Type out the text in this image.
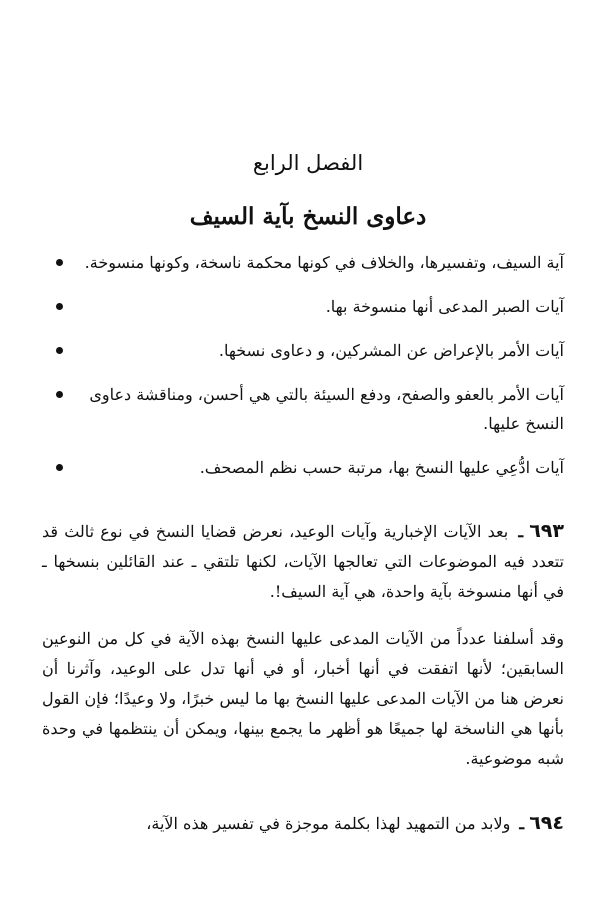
الفصل الرابع
دعاوى النسخ بآية السيف
آية السيف، وتفسيرها، والخلاف في كونها محكمة ناسخة، وكونها منسوخة.
آيات الصبر المدعى أنها منسوخة بها.
آيات الأمر بالإعراض عن المشركين، و دعاوى نسخها.
آيات الأمر بالعفو والصفح، ودفع السيئة بالتي هي أحسن، ومناقشة دعاوى النسخ عليها.
آيات ادُّعِي عليها النسخ بها، مرتبة حسب نظم المصحف.

٦٩٣ ـ بعد الآيات الإخبارية وآيات الوعيد، نعرض قضايا النسخ في نوع ثالث قد تتعدد فيه الموضوعات التي تعالجها الآيات، لكنها تلتقي ـ عند القائلين بنسخها ـ في أنها منسوخة بآية واحدة، هي آية السيف!.

وقد أسلفنا عدداً من الآيات المدعى عليها النسخ بهذه الآية في كل من النوعين السابقين؛ لأنها اتفقت في أنها أخبار، أو في أنها تدل على الوعيد، وآثرنا أن نعرض هنا من الآيات المدعى عليها النسخ بها ما ليس خبرًا، ولا وعيدًا؛ فإن القول بأنها هي الناسخة لها جميعًا هو أظهر ما يجمع بينها، ويمكن أن ينتظمها في وحدة شبه موضوعية.

٦٩٤ ـ ولابد من التمهيد لهذا بكلمة موجزة في تفسير هذه الآية،
